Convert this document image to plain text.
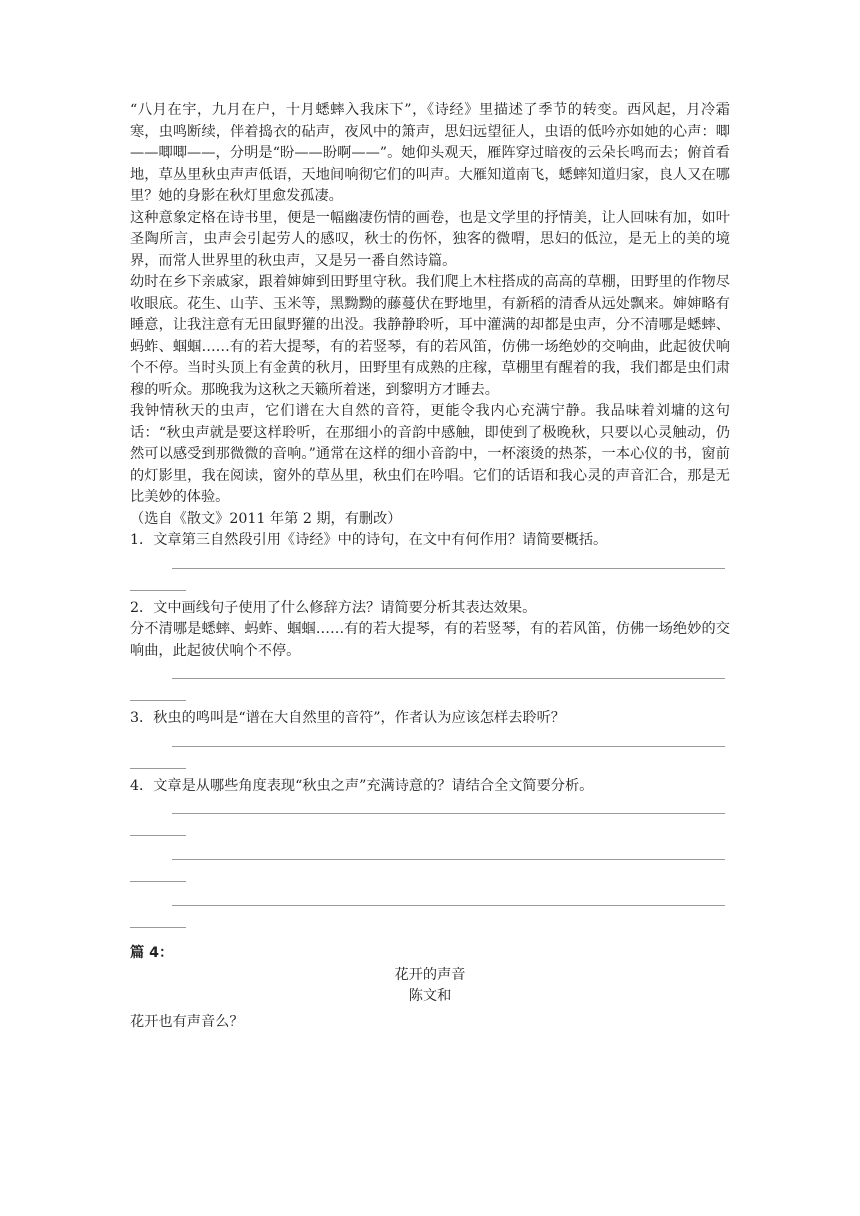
“八月在宇，九月在户，十月蟋蟀入我床下”，《诗经》里描述了季节的转变。西风起，月冷霜寒，虫鸣断续，伴着捣衣的砧声，夜风中的箫声，思妇远望征人，虫语的低吟亦如她的心声：唧——唧唧——，分明是“盼——盼啊——”。她仰头观天，雁阵穿过暗夜的云朵长鸣而去；俯首看地，草丛里秋虫声声低语，天地间响彻它们的叫声。大雁知道南飞，蟋蟀知道归家，良人又在哪里？她的身影在秋灯里愈发孤凄。

这种意象定格在诗书里，便是一幅幽凄伤情的画卷，也是文学里的抒情美，让人回味有加，如叶圣陶所言，虫声会引起劳人的感叹，秋士的伤怀，独客的微喟，思妇的低泣，是无上的美的境界，而常人世界里的秋虫声，又是另一番自然诗篇。

幼时在乡下亲戚家，跟着婶婶到田野里守秋。我们爬上木柱搭成的高高的草棚，田野里的作物尽收眼底。花生、山芋、玉米等，黑黝黝的藤蔓伏在野地里，有新稻的清香从远处飘来。婶婶略有睡意，让我注意有无田鼠野獾的出没。我静静聆听，耳中灌满的却都是虫声，分不清哪是蟋蟀、蚂蚱、蝈蝈……有的若大提琴，有的若竖琴，有的若风笛，仿佛一场绝妙的交响曲，此起彼伏响个不停。当时头顶上有金黄的秋月，田野里有成熟的庄稼，草棚里有醒着的我，我们都是虫们肃穆的听众。那晚我为这秋之天籁所着迷，到黎明方才睡去。

我钟情秋天的虫声，它们谱在大自然的音符，更能令我内心充满宁静。我品味着刘墉的这句话：“秋虫声就是要这样聆听，在那细小的音韵中感触，即使到了极晚秋，只要以心灵触动，仍然可以感受到那微微的音响。”通常在这样的细小音韵中，一杯滚烫的热茶，一本心仪的书，窗前的灯影里，我在阅读，窗外的草丛里，秋虫们在吟唱。它们的话语和我心灵的声音汇合，那是无比美妙的体验。

（选自《散文》2011 年第 2 期，有删改）

1．文章第三自然段引用《诗经》中的诗句，在文中有何作用？请简要概括。

2．文中画线句子使用了什么修辞方法？请简要分析其表达效果。

分不清哪是蟋蟀、蚂蚱、蝈蝈……有的若大提琴，有的若竖琴，有的若风笛，仿佛一场绝妙的交响曲，此起彼伏响个不停。

3．秋虫的鸣叫是“谱在大自然里的音符”，作者认为应该怎样去聆听？

4．文章是从哪些角度表现“秋虫之声”充满诗意的？请结合全文简要分析。

篇 4：

花开的声音

陈文和

花开也有声音么？
